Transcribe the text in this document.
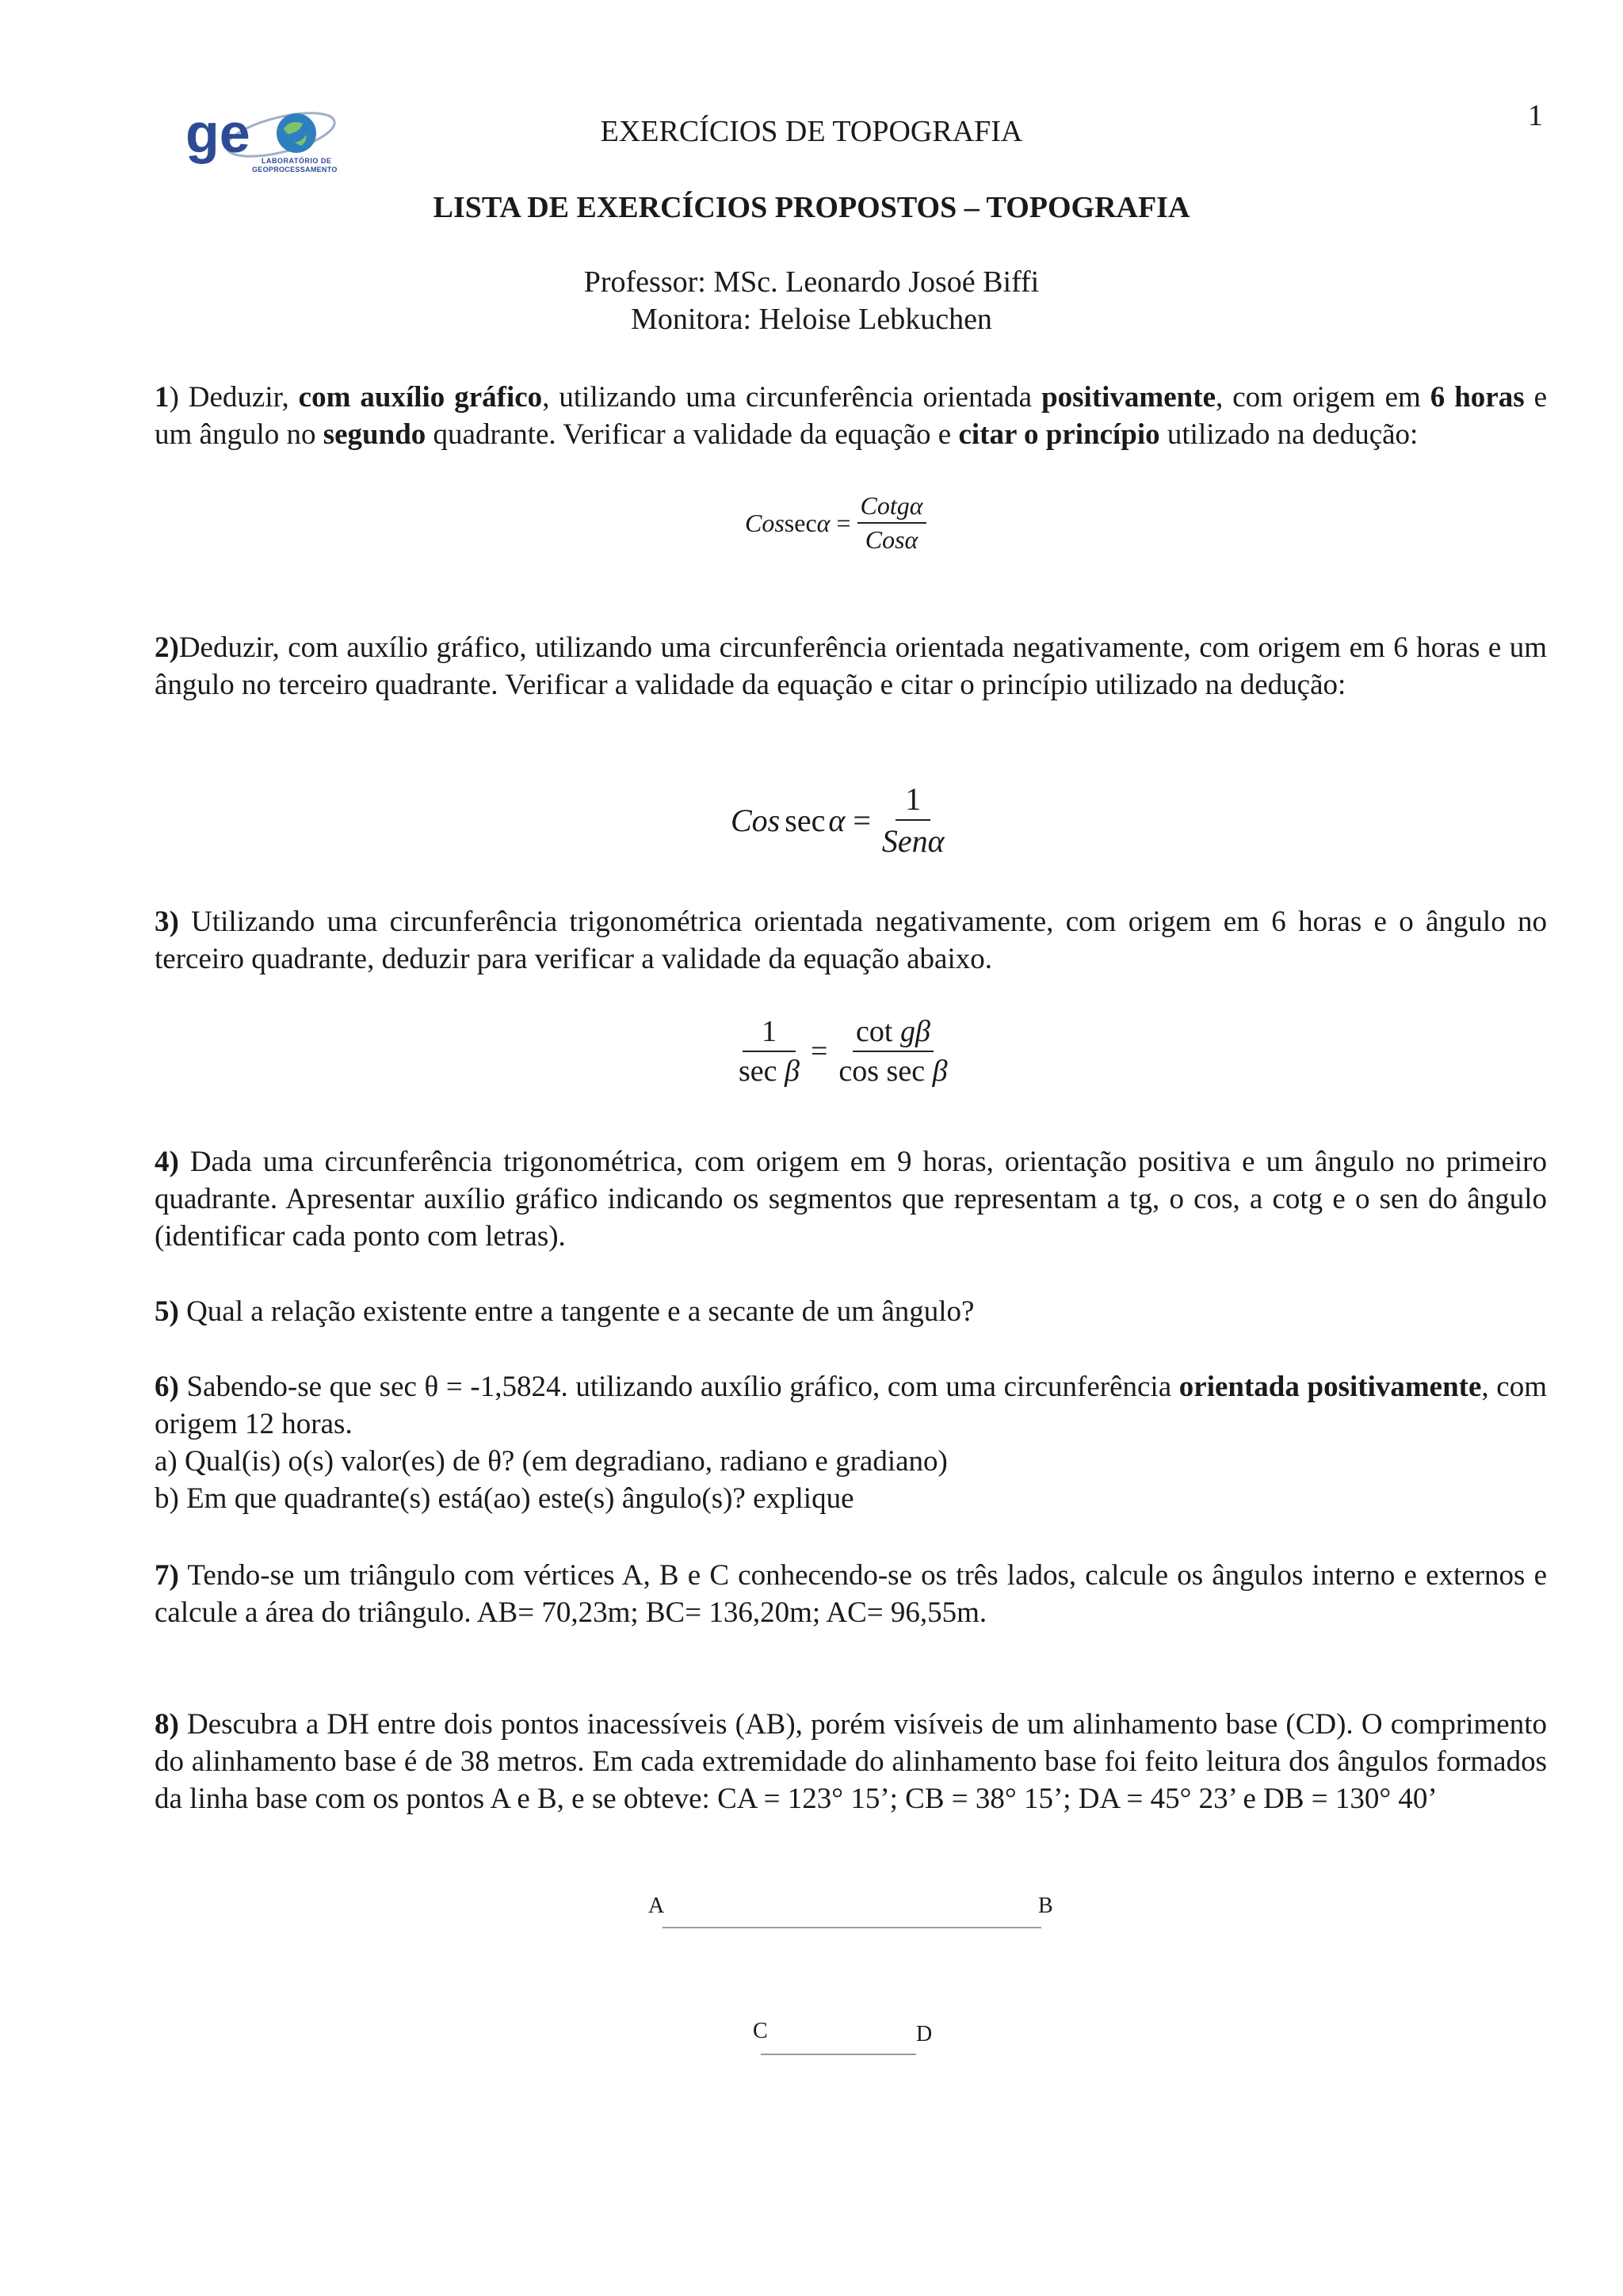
1
ge LABORATÓRIO DE
GEOPROCESSAMENTO
EXERCÍCIOS DE TOPOGRAFIA
LISTA DE EXERCÍCIOS PROPOSTOS – TOPOGRAFIA
Professor: MSc. Leonardo Josoé Biffi
Monitora: Heloise Lebkuchen

1) Deduzir, com auxílio gráfico, utilizando uma circunferência orientada positivamente, com origem em 6 horas e um ângulo no segundo quadrante. Verificar a validade da equação e citar o princípio utilizado na dedução:

Cos $\sec \alpha = \frac{\text{Cotgα}}{\text{Cosα}}$

2)Deduzir, com auxílio gráfico, utilizando uma circunferência orientada negativamente, com origem em 6 horas e um ângulo no terceiro quadrante. Verificar a validade da equação e citar o princípio utilizado na dedução:

Cos $\sec \alpha = \frac{1}{\text{Senα}}$

3) Utilizando uma circunferência trigonométrica orientada negativamente, com origem em 6 horas e o ângulo no terceiro quadrante, deduzir para verificar a validade da equação abaixo.

$\frac{1}{\text{sec β}} = \frac{\text{cot gβ}}{\text{cos sec β}}$

4) Dada uma circunferência trigonométrica, com origem em 9 horas, orientação positiva e um ângulo no primeiro quadrante. Apresentar auxílio gráfico indicando os segmentos que representam a tg, o cos, a cotg e o sen do ângulo (identificar cada ponto com letras).

5) Qual a relação existente entre a tangente e a secante de um ângulo?

6) Sabendo-se que sec θ = -1,5824. utilizando auxílio gráfico, com uma circunferência orientada positivamente, com origem 12 horas.

a) Qual(is) o(s) valor(es) de θ? (em degradiano, radiano e gradiano)

b) Em que quadrante(s) está(ao) este(s) ângulo(s)? explique

7) Tendo-se um triângulo com vértices A, B e C conhecendo-se os três lados, calcule os ângulos interno e externos e calcule a área do triângulo. AB= 70,23m; BC= 136,20m; AC= 96,55m.

8) Descubra a DH entre dois pontos inacessíveis (AB), porém visíveis de um alinhamento base (CD). O comprimento do alinhamento base é de 38 metros. Em cada extremidade do alinhamento base foi feito leitura dos ângulos formados da linha base com os pontos A e B, e se obteve: CA = 123° 15’; CB = 38° 15’; DA = 45° 23’ e DB = 130° 40’

A	B
C	D
